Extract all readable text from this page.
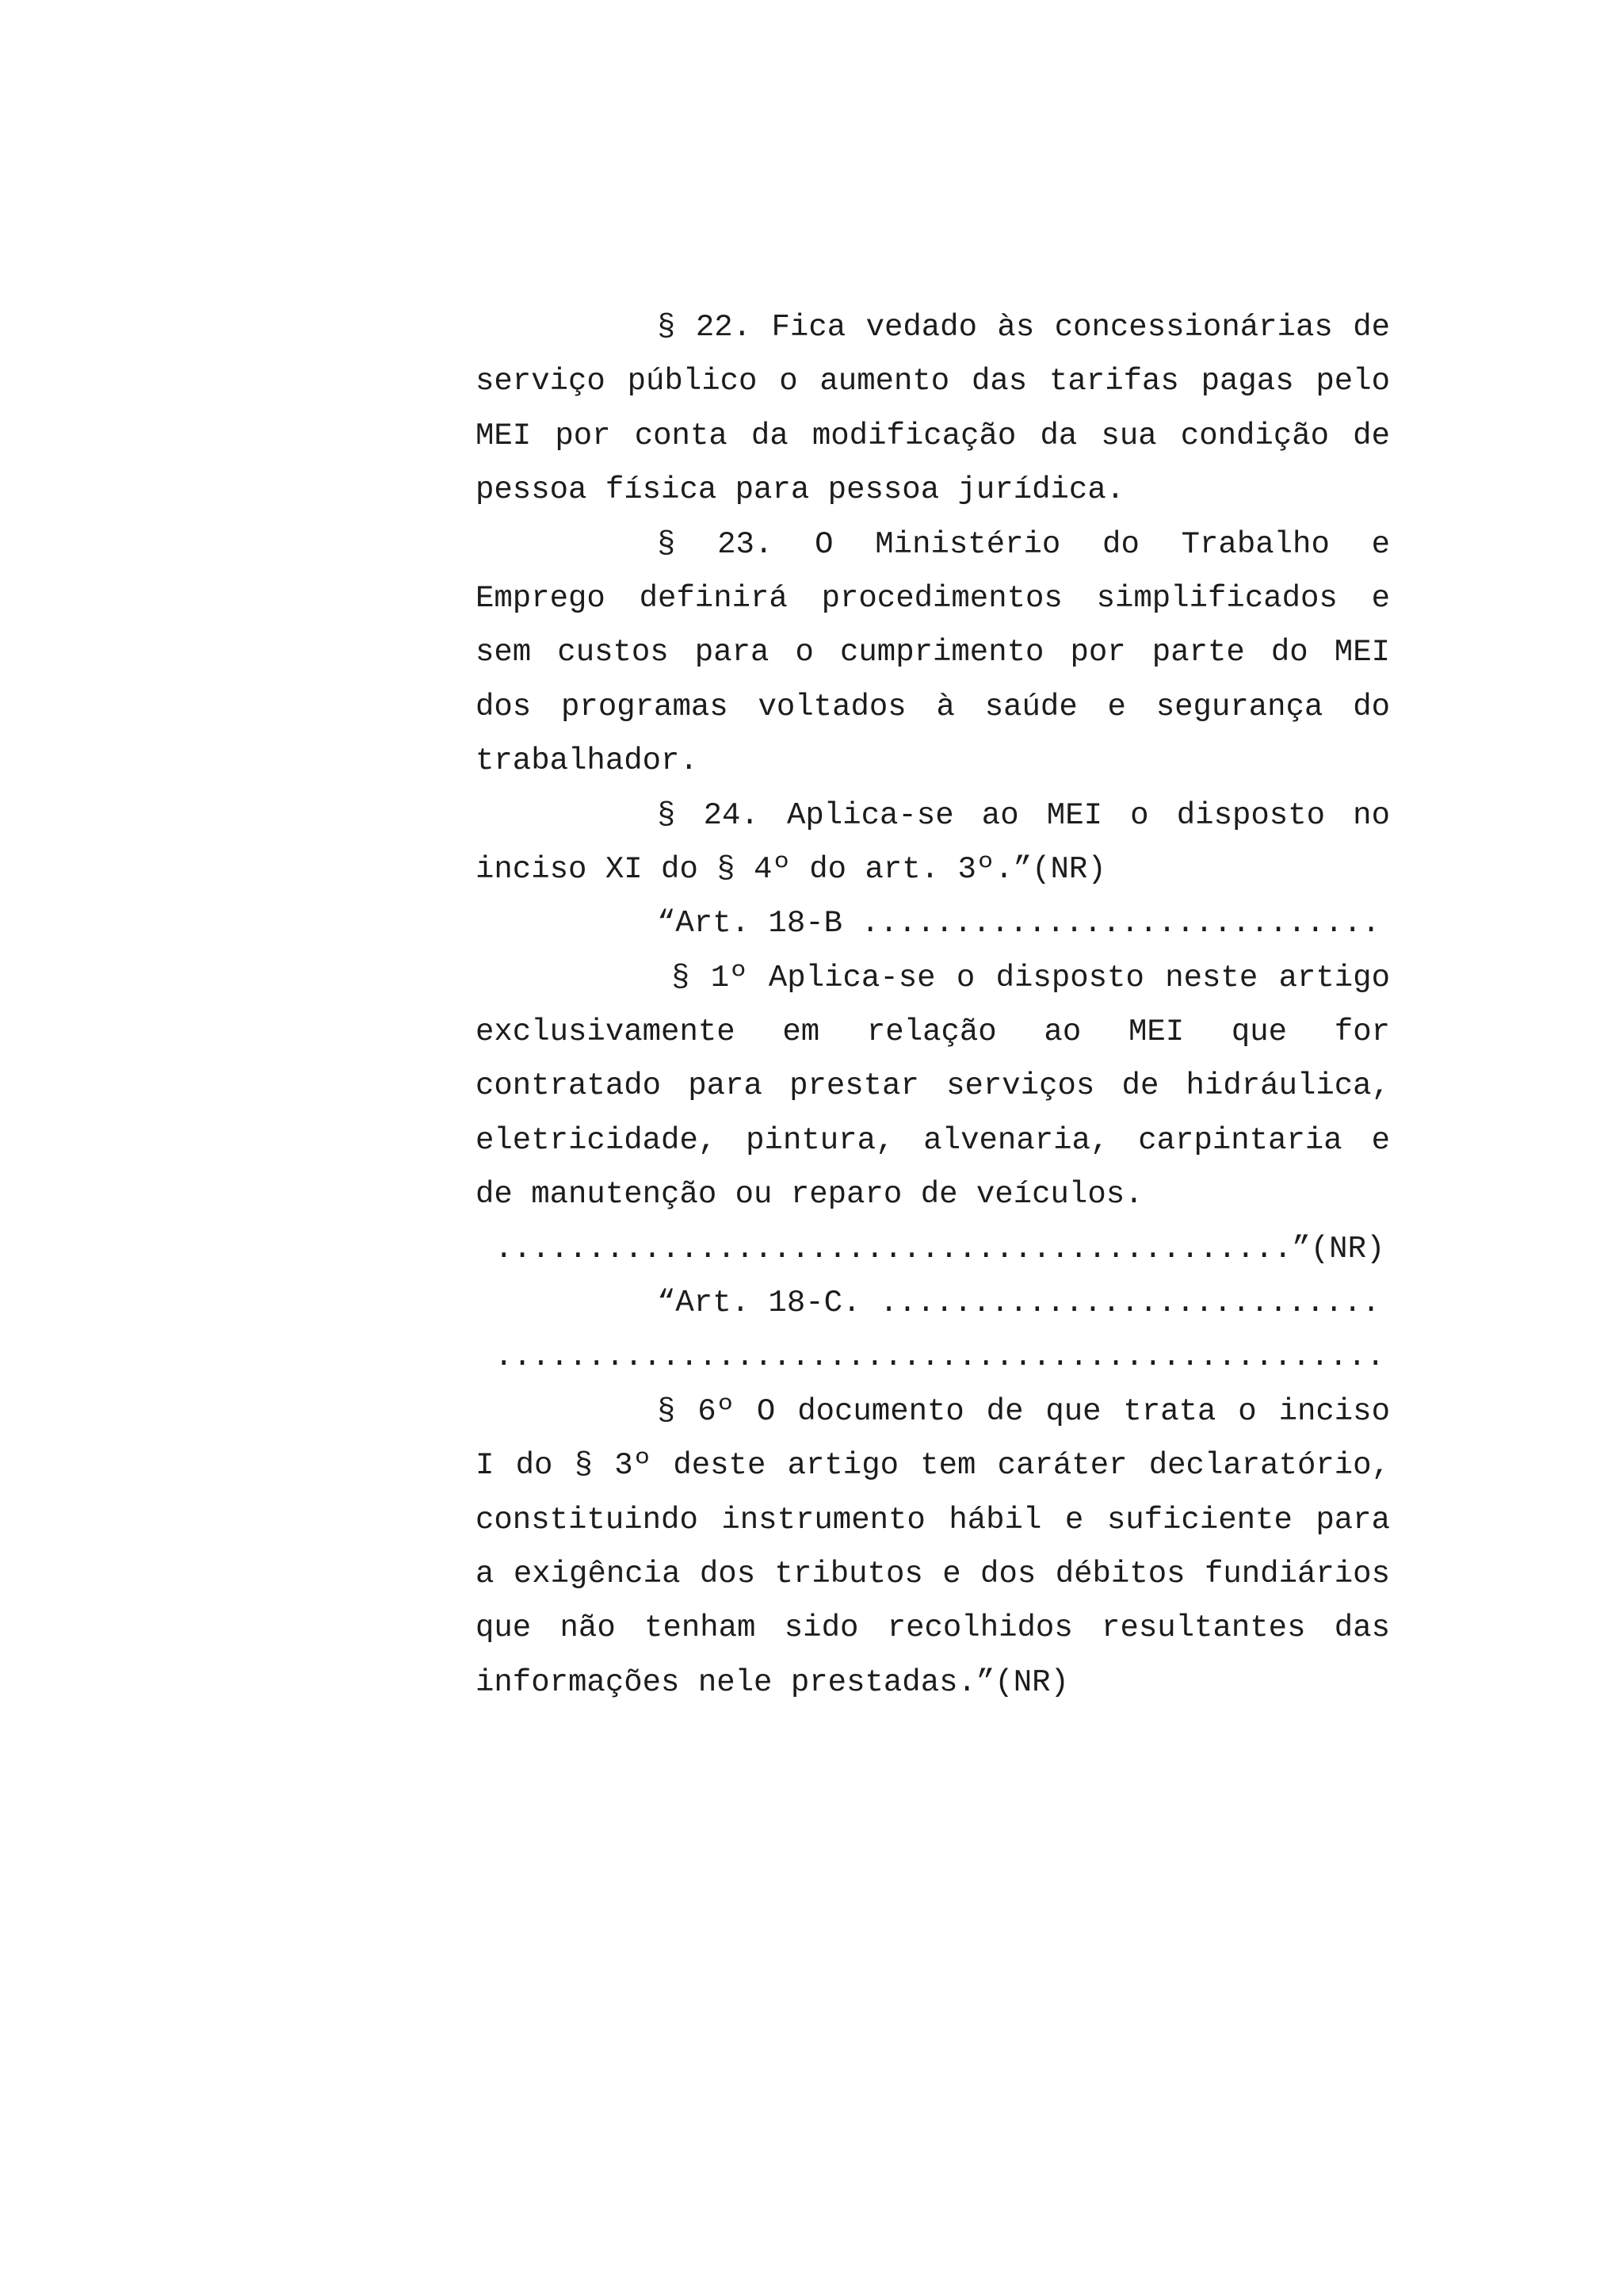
§ 22. Fica vedado às concessionárias de
serviço público o aumento das tarifas pagas pelo
MEI por conta da modificação da sua condição de
pessoa física para pessoa jurídica.
§ 23. O Ministério do Trabalho e
Emprego definirá procedimentos simplificados e
sem custos para o cumprimento por parte do MEI
dos programas voltados à saúde e segurança do
trabalhador.
§ 24. Aplica-se ao MEI o disposto no
inciso XI do § 4º do art. 3º.”(NR)
“Art. 18-B ............................
§ 1º Aplica-se o disposto neste artigo
exclusivamente em relação ao MEI que for
contratado para prestar serviços de hidráulica,
eletricidade, pintura, alvenaria, carpintaria e
de manutenção ou reparo de veículos.
...........................................”(NR)
“Art. 18-C. ...........................
................................................
§ 6º O documento de que trata o inciso
I do § 3º deste artigo tem caráter declaratório,
constituindo instrumento hábil e suficiente para
a exigência dos tributos e dos débitos fundiários
que não tenham sido recolhidos resultantes das
informações nele prestadas.”(NR)
